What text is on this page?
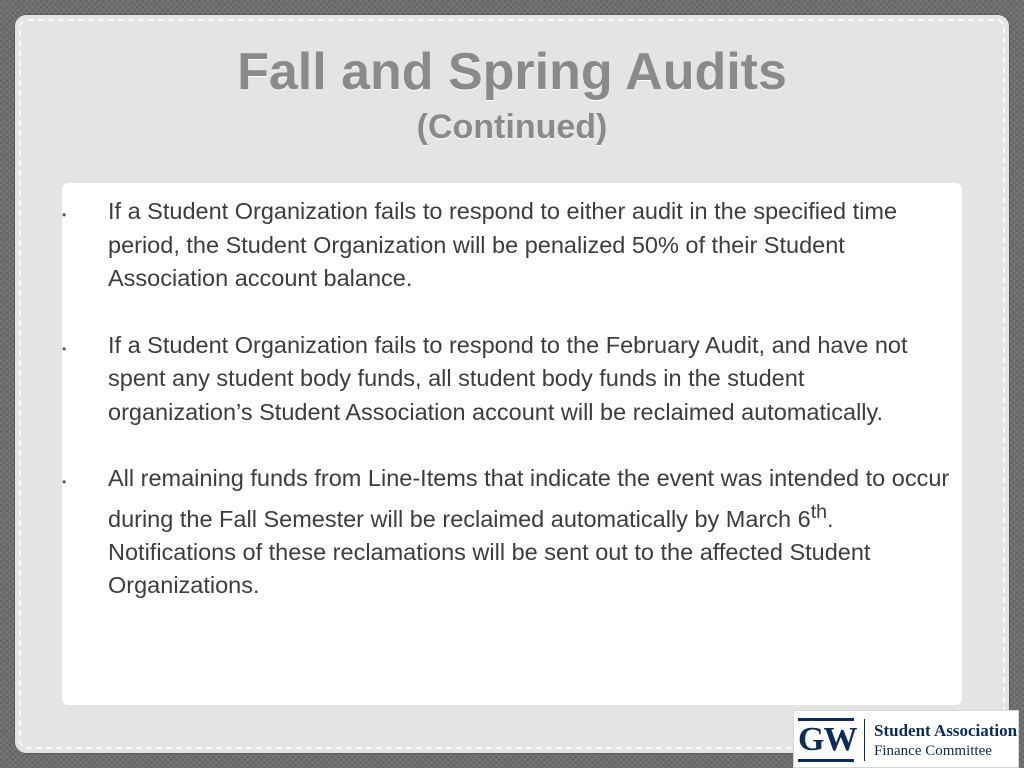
Fall and Spring Audits
(Continued)
• If a Student Organization fails to respond to either audit in the specified time period, the Student Organization will be penalized 50% of their Student Association account balance.
• If a Student Organization fails to respond to the February Audit, and have not spent any student body funds, all student body funds in the student organization’s Student Association account will be reclaimed automatically.
• All remaining funds from Line-Items that indicate the event was intended to occur during the Fall Semester will be reclaimed automatically by March 6th. Notifications of these reclamations will be sent out to the affected Student Organizations.
GW Student Association
Finance Committee
